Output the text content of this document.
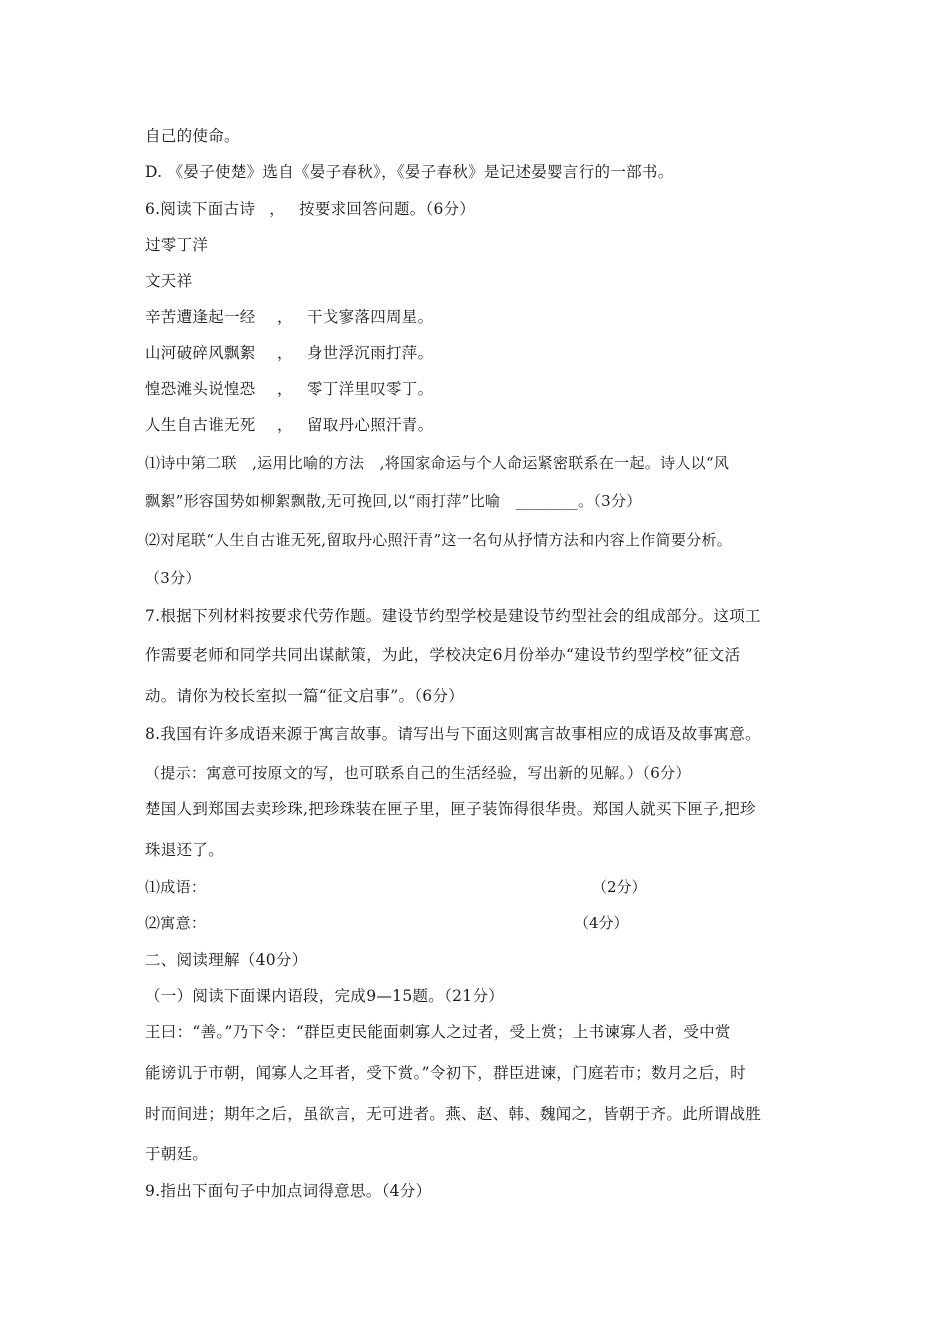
自己的使命。
D. 《晏子使楚》选自《晏子春秋》，《晏子春秋》是记述晏婴言行的一部书。
6.阅读下面古诗 ， 按要求回答问题。（6分）
过零丁洋
文天祥
辛苦遭逢起一经 ， 干戈寥落四周星。
山河破碎风飘絮 ， 身世浮沉雨打萍。
惶恐滩头说惶恐 ， 零丁洋里叹零丁。
人生自古谁无死 ， 留取丹心照汗青。
⑴诗中第二联　,运用比喻的方法　,将国家命运与个人命运紧密联系在一起。诗人以“风
飘絮”形容国势如柳絮飘散,无可挽回,以“雨打萍”比喻　________。（3分）
⑵对尾联“人生自古谁无死,留取丹心照汗青”这一名句从抒情方法和内容上作简要分析。
（3分）
7.根据下列材料按要求代劳作题。建设节约型学校是建设节约型社会的组成部分。这项工
作需要老师和同学共同出谋献策，为此，学校决定6月份举办“建设节约型学校”征文活
动。请你为校长室拟一篇“征文启事”。（6分）
8.我国有许多成语来源于寓言故事。请写出与下面这则寓言故事相应的成语及故事寓意。
（提示：寓意可按原文的写，也可联系自己的生活经验，写出新的见解。）（6分）
楚国人到郑国去卖珍珠,把珍珠装在匣子里，匣子装饰得很华贵。郑国人就买下匣子,把珍
珠退还了。
⑴成语：	（2分）
⑵寓意：	（4分）
二、阅读理解（40分）
（一）阅读下面课内语段，完成9—15题。（21分）
王曰：“善。”乃下令：“群臣吏民能面刺寡人之过者，受上赏；上书谏寡人者，受中赏
能谤讥于市朝，闻寡人之耳者，受下赏。”令初下，群臣进谏，门庭若市；数月之后，时
时而间进；期年之后，虽欲言，无可进者。燕、赵、韩、魏闻之，皆朝于齐。此所谓战胜
于朝廷。
9.指出下面句子中加点词得意思。（4分）
